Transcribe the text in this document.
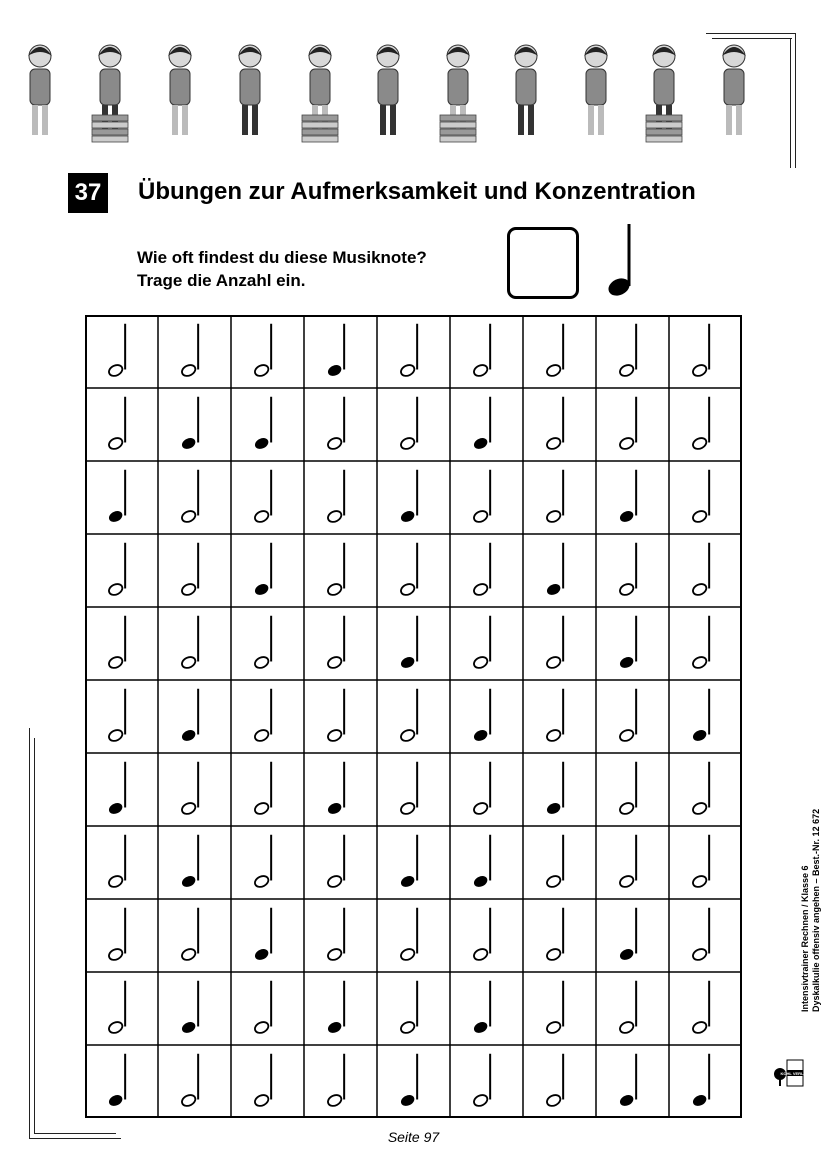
37 Übungen zur Aufmerksamkeit und Konzentration
Wie oft findest du diese Musiknote?
Trage die Anzahl ein.
Intensivtrainer Rechnen / Klasse 6 Dyskalkulie offensiv angehen – Best.-Nr. 12 672
KOHL VERLAG
Seite 97
